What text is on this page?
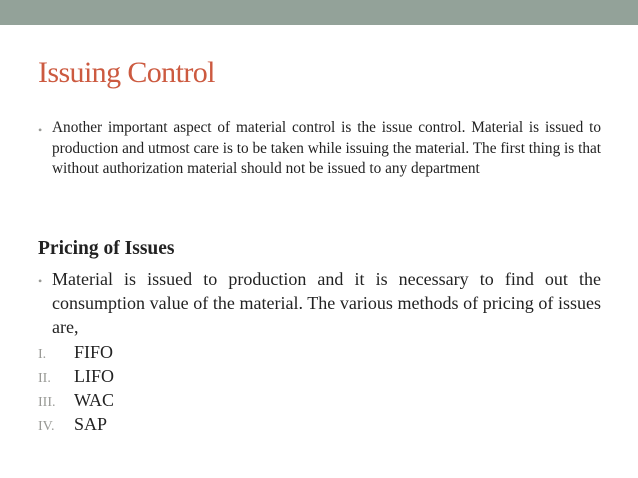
Issuing Control
• Another important aspect of material control is the issue control. Material is issued to production and utmost care is to be taken while issuing the material. The first thing is that without authorization material should not be issued to any department

Pricing of Issues
• Material is issued to production and it is necessary to find out the consumption value of the material. The various methods of pricing of issues are,

I.	FIFO
II.	LIFO
III.	WAC
IV.	SAP
